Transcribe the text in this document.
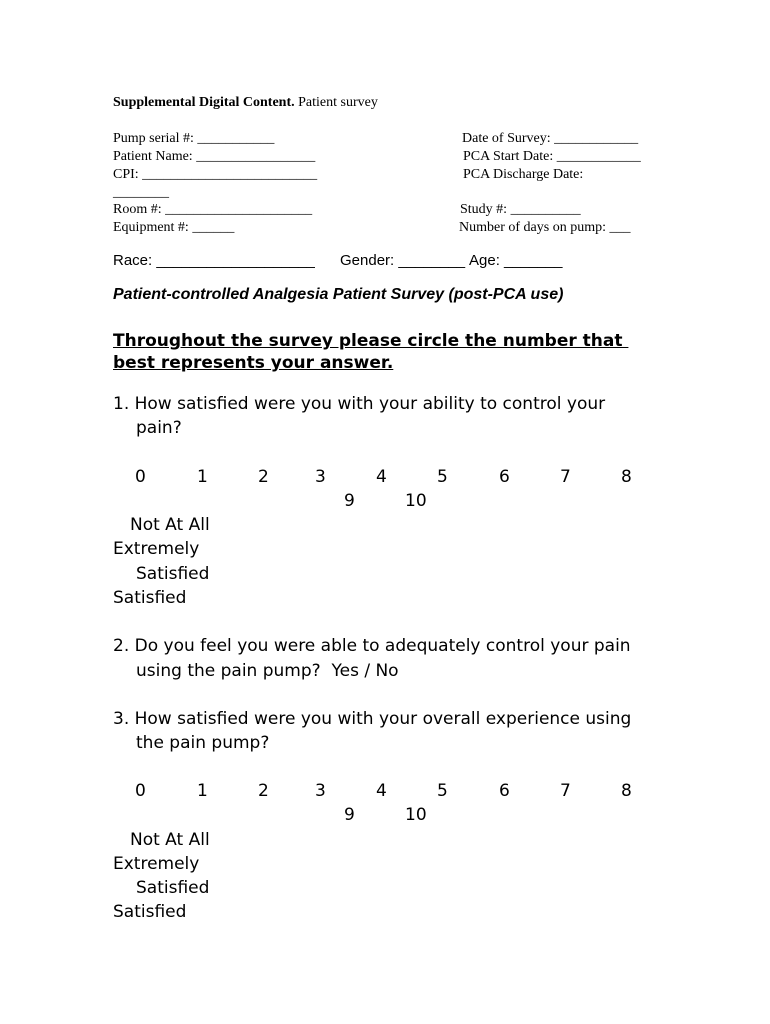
Supplemental Digital Content. Patient survey
Pump serial #: ___________
Patient Name: _________________
CPI: _________________________
________
Room #: _____________________
Equipment #: ______
Date of Survey: ____________
PCA Start Date: ____________
PCA Discharge Date:
Study #: __________
Number of days on pump: ___
Race: ___________________ Gender: ________ Age: _______
Patient-controlled Analgesia Patient Survey (post-PCA use)
Throughout the survey please circle the number that
best represents your answer.
1. How satisfied were you with your ability to control your
pain?
0	1	2	3	4	5	6	7	8
9	10
Not At All
Extremely
Satisfied
Satisfied
2. Do you feel you were able to adequately control your pain
using the pain pump?  Yes / No
3. How satisfied were you with your overall experience using
the pain pump?
0	1	2	3	4	5	6	7	8
9	10
Not At All
Extremely
Satisfied
Satisfied
